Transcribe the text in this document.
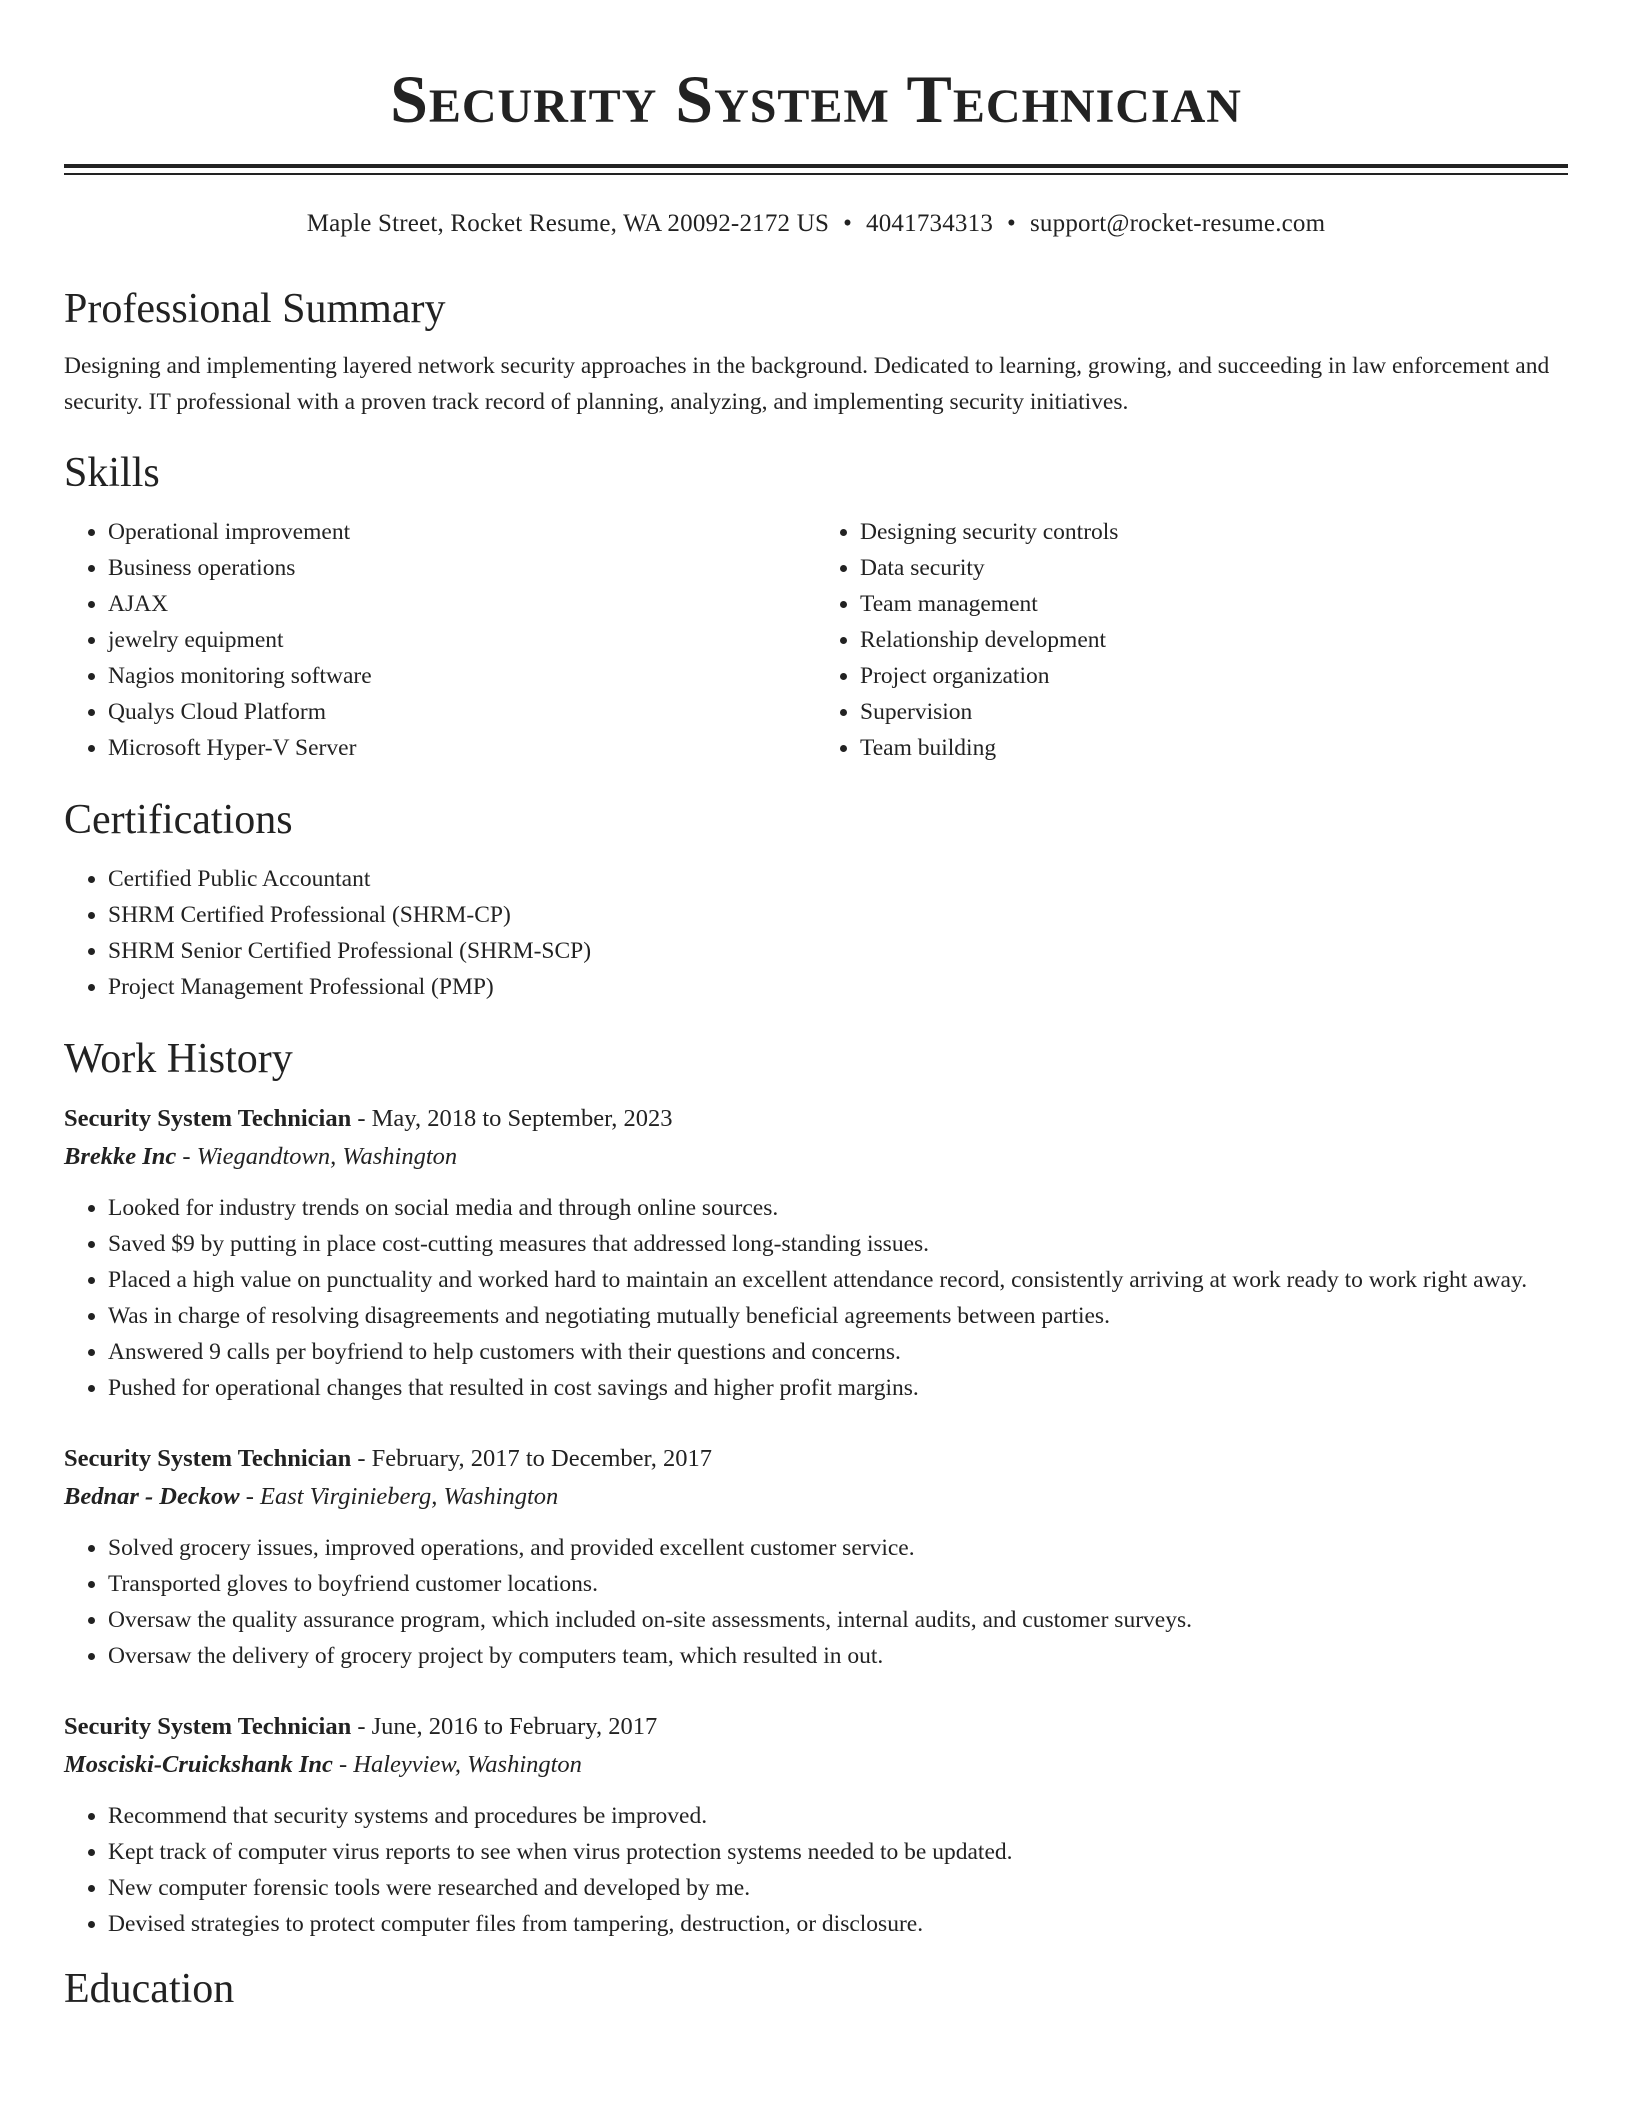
Security System Technician
Maple Street, Rocket Resume, WA 20092-2172 US • 4041734313 • support@rocket-resume.com
Professional Summary
Designing and implementing layered network security approaches in the background. Dedicated to learning, growing, and succeeding in law enforcement and security. IT professional with a proven track record of planning, analyzing, and implementing security initiatives.
Skills
• Operational improvement
• Business operations
• AJAX
• jewelry equipment
• Nagios monitoring software
• Qualys Cloud Platform
• Microsoft Hyper-V Server
• Designing security controls
• Data security
• Team management
• Relationship development
• Project organization
• Supervision
• Team building
Certifications
• Certified Public Accountant
• SHRM Certified Professional (SHRM-CP)
• SHRM Senior Certified Professional (SHRM-SCP)
• Project Management Professional (PMP)
Work History
Security System Technician - May, 2018 to September, 2023
Brekke Inc - Wiegandtown, Washington
• Looked for industry trends on social media and through online sources.
• Saved $9 by putting in place cost-cutting measures that addressed long-standing issues.
• Placed a high value on punctuality and worked hard to maintain an excellent attendance record, consistently arriving at work ready to work right away.
• Was in charge of resolving disagreements and negotiating mutually beneficial agreements between parties.
• Answered 9 calls per boyfriend to help customers with their questions and concerns.
• Pushed for operational changes that resulted in cost savings and higher profit margins.
Security System Technician - February, 2017 to December, 2017
Bednar - Deckow - East Virginieberg, Washington
• Solved grocery issues, improved operations, and provided excellent customer service.
• Transported gloves to boyfriend customer locations.
• Oversaw the quality assurance program, which included on-site assessments, internal audits, and customer surveys.
• Oversaw the delivery of grocery project by computers team, which resulted in out.
Security System Technician - June, 2016 to February, 2017
Mosciski-Cruickshank Inc - Haleyview, Washington
• Recommend that security systems and procedures be improved.
• Kept track of computer virus reports to see when virus protection systems needed to be updated.
• New computer forensic tools were researched and developed by me.
• Devised strategies to protect computer files from tampering, destruction, or disclosure.
Education
